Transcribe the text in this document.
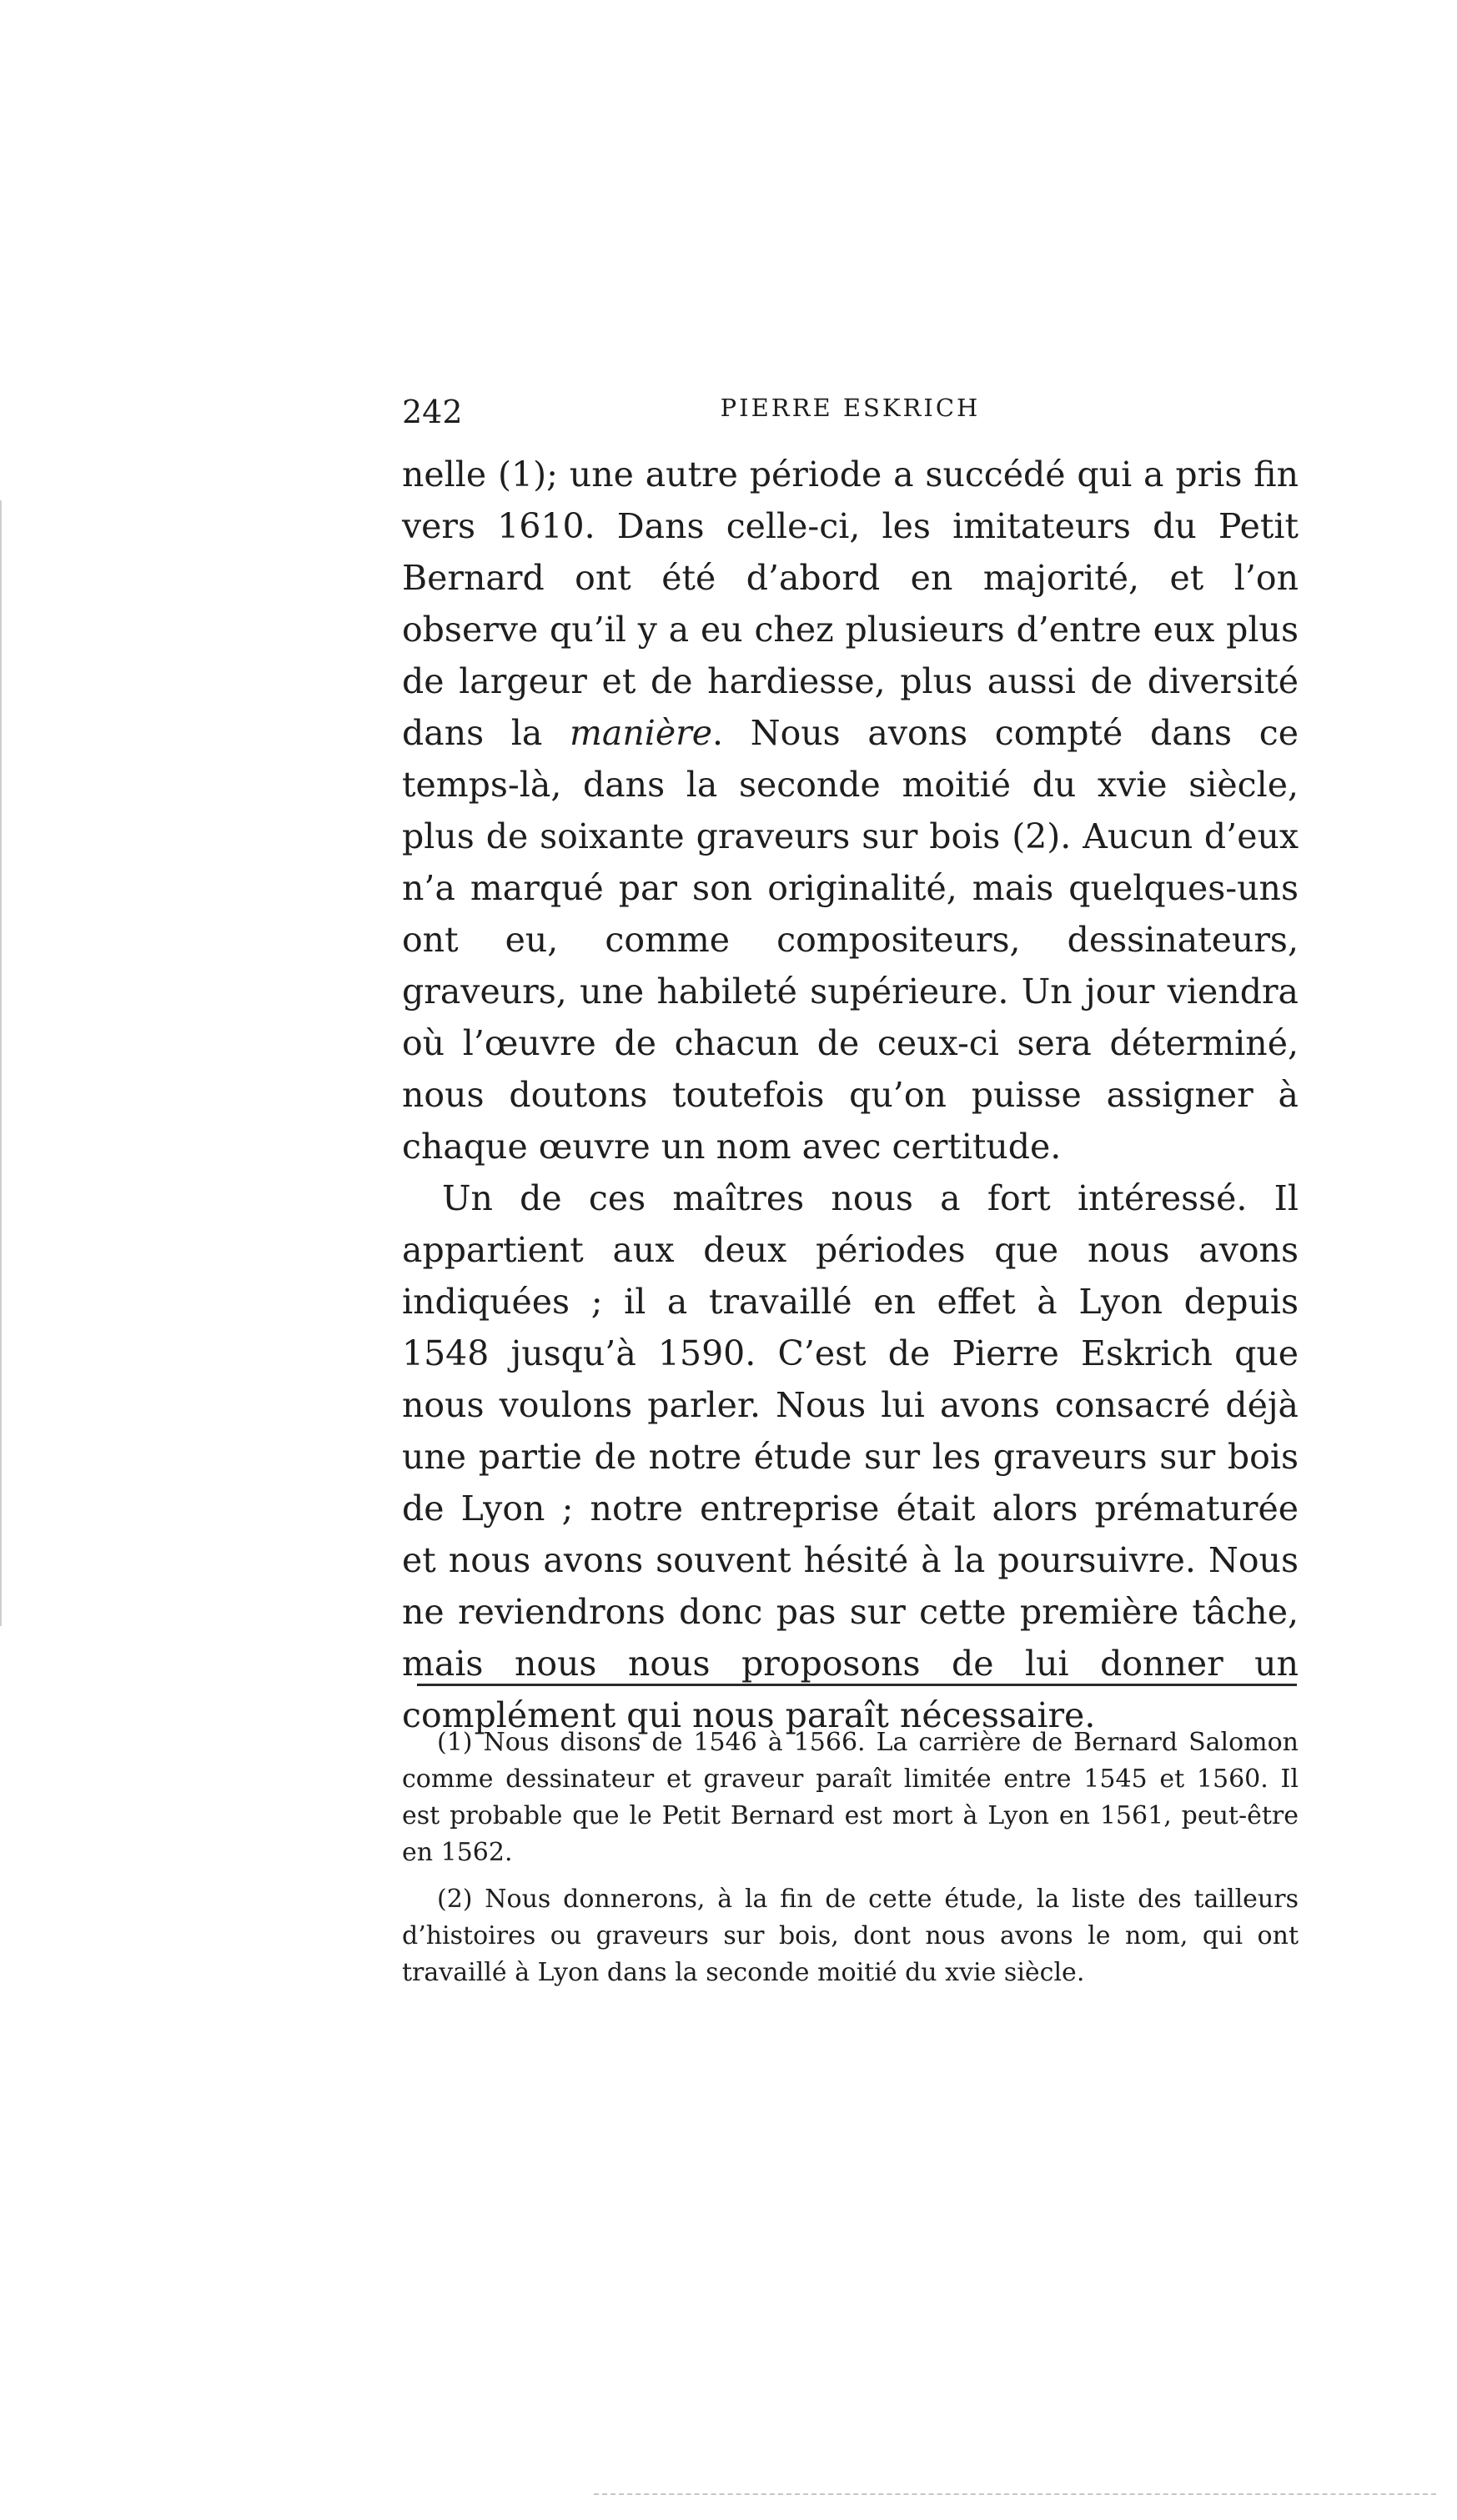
242	PIERRE ESKRICH

nelle (1); une autre période a succédé qui a pris fin vers 1610. Dans celle-ci, les imitateurs du Petit Bernard ont été d’abord en majorité, et l’on observe qu’il y a eu chez plusieurs d’entre eux plus de largeur et de hardiesse, plus aussi de diversité dans la manière. Nous avons compté dans ce temps-là, dans la seconde moitié du xvie siècle, plus de soixante graveurs sur bois (2). Aucun d’eux n’a marqué par son originalité, mais quelques-uns ont eu, comme compositeurs, dessinateurs, graveurs, une habileté supérieure. Un jour viendra où l’œuvre de chacun de ceux-ci sera déterminé, nous doutons toutefois qu’on puisse assigner à chaque œuvre un nom avec certitude.

Un de ces maîtres nous a fort intéressé. Il appartient aux deux périodes que nous avons indiquées ; il a travaillé en effet à Lyon depuis 1548 jusqu’à 1590. C’est de Pierre Eskrich que nous voulons parler. Nous lui avons consacré déjà une partie de notre étude sur les graveurs sur bois de Lyon ; notre entreprise était alors prématurée et nous avons souvent hésité à la poursuivre. Nous ne reviendrons donc pas sur cette première tâche, mais nous nous proposons de lui donner un complément qui nous paraît nécessaire.

(1) Nous disons de 1546 à 1566. La carrière de Bernard Salomon comme dessinateur et graveur paraît limitée entre 1545 et 1560. Il est probable que le Petit Bernard est mort à Lyon en 1561, peut-être en 1562.

(2) Nous donnerons, à la fin de cette étude, la liste des tailleurs d’histoires ou graveurs sur bois, dont nous avons le nom, qui ont travaillé à Lyon dans la seconde moitié du xvie siècle.
